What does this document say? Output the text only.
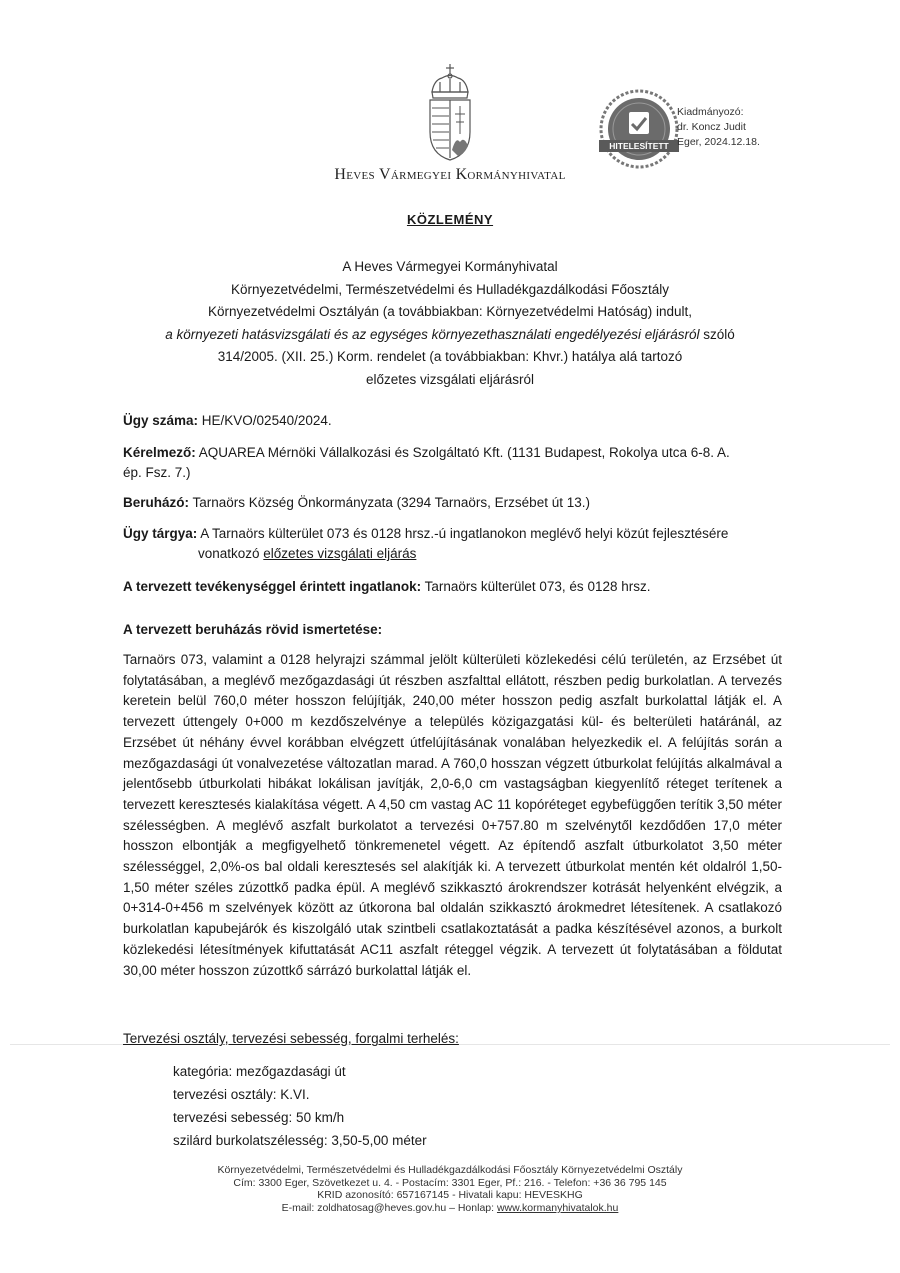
HITELESÍTETT
Kiadmányozó:
dr. Koncz Judit
Eger, 2024.12.18.
Heves Vármegyei Kormányhivatal
KÖZLEMÉNY
A Heves Vármegyei Kormányhivatal
Környezetvédelmi, Természetvédelmi és Hulladékgazdálkodási Főosztály
Környezetvédelmi Osztályán (a továbbiakban: Környezetvédelmi Hatóság) indult,
a környezeti hatásvizsgálati és az egységes környezethasználati engedélyezési eljárásról szóló
314/2005. (XII. 25.) Korm. rendelet (a továbbiakban: Khvr.) hatálya alá tartozó
előzetes vizsgálati eljárásról
Ügy száma: HE/KVO/02540/2024.
Kérelmező: AQUAREA Mérnöki Vállalkozási és Szolgáltató Kft. (1131 Budapest, Rokolya utca 6-8. A.
ép. Fsz. 7.)
Beruházó: Tarnaörs Község Önkormányzata (3294 Tarnaörs, Erzsébet út 13.)
Ügy tárgya: A Tarnaörs külterület 073 és 0128 hrsz.-ú ingatlanokon meglévő helyi közút fejlesztésére
vonatkozó előzetes vizsgálati eljárás
A tervezett tevékenységgel érintett ingatlanok: Tarnaörs külterület 073, és 0128 hrsz.
A tervezett beruházás rövid ismertetése:
Tarnaörs 073, valamint a 0128 helyrajzi számmal jelölt külterületi közlekedési célú területén, az Erzsébet út folytatásában, a meglévő mezőgazdasági út részben aszfalttal ellátott, részben pedig burkolatlan. A tervezés keretein belül 760,0 méter hosszon felújítják, 240,00 méter hosszon pedig aszfalt burkolattal látják el. A tervezett úttengely 0+000 m kezdőszelvénye a település közigazgatási kül- és belterületi határánál, az Erzsébet út néhány évvel korábban elvégzett útfelújításának vonalában helyezkedik el. A felújítás során a mezőgazdasági út vonalvezetése változatlan marad. A 760,0 hosszan végzett útburkolat felújítás alkalmával a jelentősebb útburkolati hibákat lokálisan javítják, 2,0-6,0 cm vastagságban kiegyenlítő réteget terítenek a tervezett keresztesés kialakítása végett. A 4,50 cm vastag AC 11 kopóréteget egybefüggően terítik 3,50 méter szélességben. A meglévő aszfalt burkolatot a tervezési 0+757.80 m szelvénytől kezdődően 17,0 méter hosszon elbontják a megfigyelhető tönkremenetel végett. Az építendő aszfalt útburkolatot 3,50 méter szélességgel, 2,0%-os bal oldali keresztesés sel alakítják ki. A tervezett útburkolat mentén két oldalról 1,50-1,50 méter széles zúzottkő padka épül. A meglévő szikkasztó árokrendszer kotrását helyenként elvégzik, a 0+314-0+456 m szelvények között az útkorona bal oldalán szikkasztó árokmedret létesítenek. A csatlakozó burkolatlan kapubejárók és kiszolgáló utak szintbeli csatlakoztatását a padka készítésével azonos, a burkolt közlekedési létesítmények kifuttatását AC11 aszfalt réteggel végzik. A tervezett út folytatásában a földutat 30,00 méter hosszon zúzottkő sárrázó burkolattal látják el.
Tervezési osztály, tervezési sebesség, forgalmi terhelés:
kategória: mezőgazdasági út
tervezési osztály: K.VI.
tervezési sebesség: 50 km/h
szilárd burkolatszélesség: 3,50-5,00 méter
Környezetvédelmi, Természetvédelmi és Hulladékgazdálkodási Főosztály Környezetvédelmi Osztály
Cím: 3300 Eger, Szövetkezet u. 4. - Postacím: 3301 Eger, Pf.: 216. - Telefon: +36 36 795 145
KRID azonosító: 657167145 - Hivatali kapu: HEVESKHG
E-mail: zoldhatosag@heves.gov.hu – Honlap: www.kormanyhivatalok.hu
